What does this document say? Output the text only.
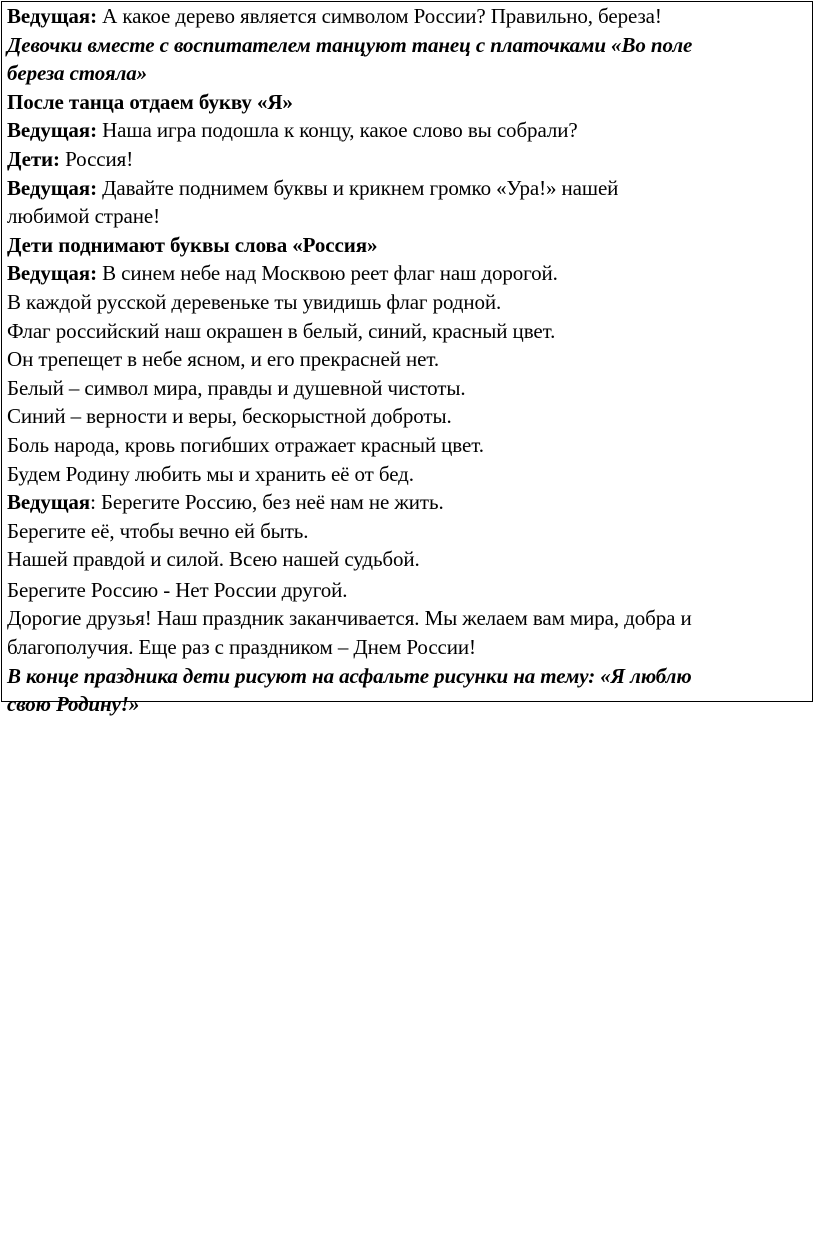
Ведущая: А какое дерево является символом России? Правильно, береза!
Девочки вместе с воспитателем танцуют танец с платочками «Во поле
береза стояла»
После танца отдаем букву «Я»
Ведущая: Наша игра подошла к концу, какое слово вы собрали?
Дети: Россия!
Ведущая: Давайте поднимем буквы и крикнем громко «Ура!» нашей
любимой стране!
Дети поднимают буквы слова «Россия»
Ведущая: В синем небе над Москвою реет флаг наш дорогой.
В каждой русской деревеньке ты увидишь флаг родной.
Флаг российский наш окрашен в белый, синий, красный цвет.
Он трепещет в небе ясном, и его прекрасней нет.
Белый – символ мира, правды и душевной чистоты.
Синий – верности и веры, бескорыстной доброты.
Боль народа, кровь погибших отражает красный цвет.
Будем Родину любить мы и хранить её от бед.
Ведущая: Берегите Россию, без неё нам не жить.
Берегите её, чтобы вечно ей быть.
Нашей правдой и силой. Всею нашей судьбой.
Берегите Россию - Нет России другой.
Дорогие друзья! Наш праздник заканчивается. Мы желаем вам мира, добра и
благополучия. Еще раз с праздником – Днем России!
В конце праздника дети рисуют на асфальте рисунки на тему: «Я люблю
свою Родину!»
